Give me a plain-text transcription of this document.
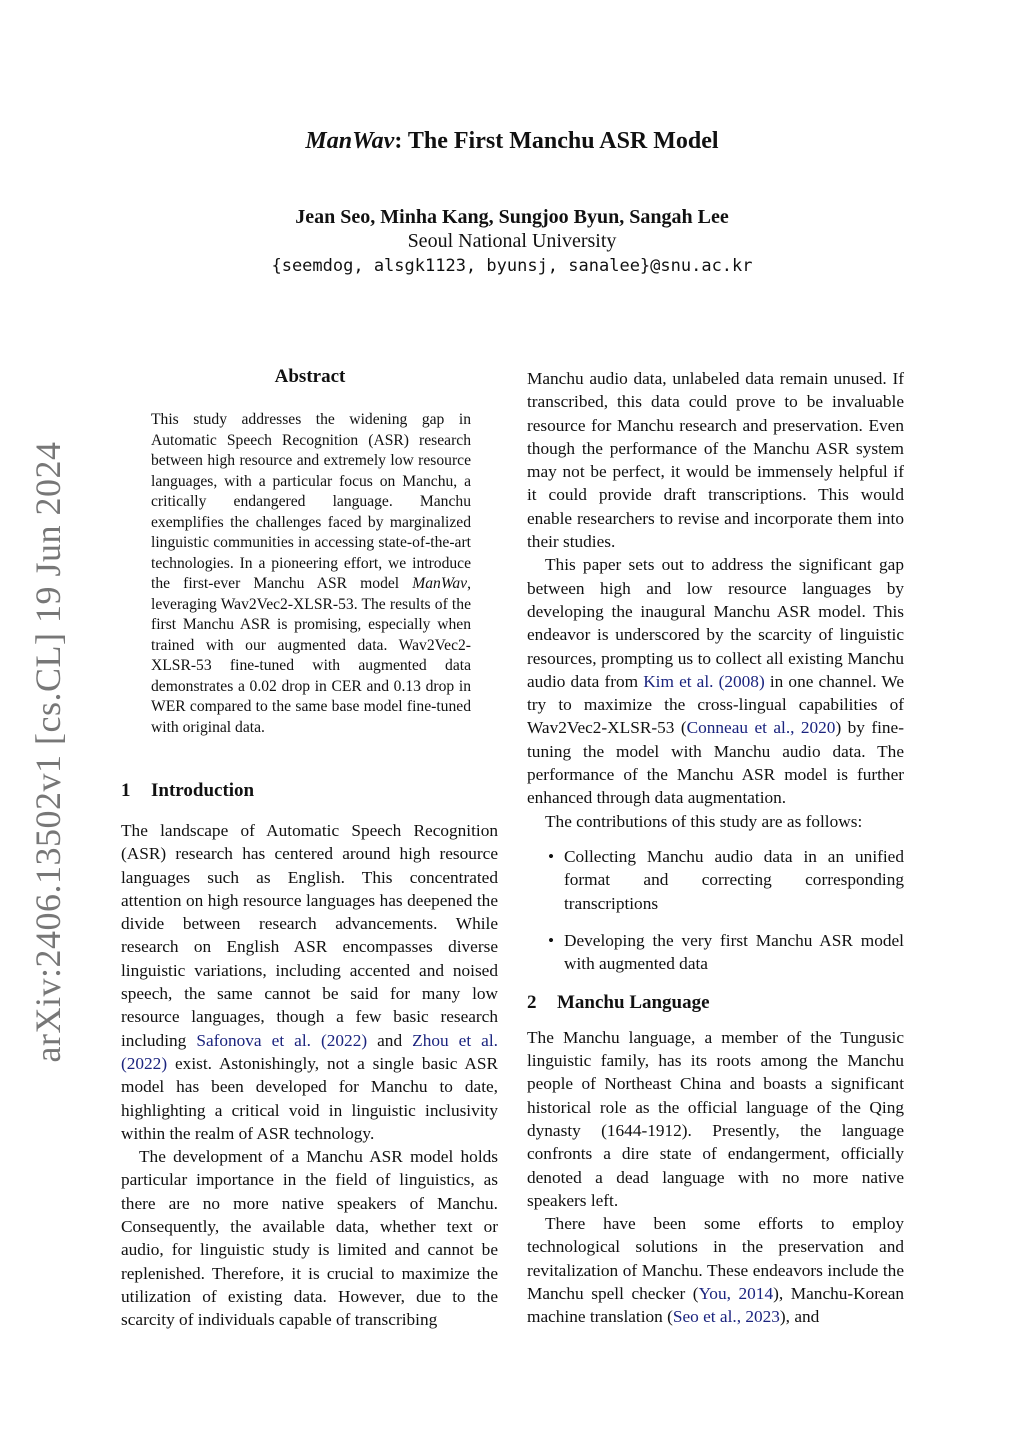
ManWav: The First Manchu ASR Model
Jean Seo, Minha Kang, Sungjoo Byun, Sangah Lee
Seoul National University
{seemdog, alsgk1123, byunsj, sanalee}@snu.ac.kr
arXiv:2406.13502v1 [cs.CL] 19 Jun 2024
Abstract
This study addresses the widening gap in Automatic Speech Recognition (ASR) research between high resource and extremely low resource languages, with a particular focus on Manchu, a critically endangered language. Manchu exemplifies the challenges faced by marginalized linguistic communities in accessing state-of-the-art technologies. In a pioneering effort, we introduce the first-ever Manchu ASR model ManWav, leveraging Wav2Vec2-XLSR-53. The results of the first Manchu ASR is promising, especially when trained with our augmented data. Wav2Vec2-XLSR-53 fine-tuned with augmented data demonstrates a 0.02 drop in CER and 0.13 drop in WER compared to the same base model fine-tuned with original data.
1 Introduction

The landscape of Automatic Speech Recognition (ASR) research has centered around high resource languages such as English. This concentrated attention on high resource languages has deepened the divide between research advancements. While research on English ASR encompasses diverse linguistic variations, including accented and noised speech, the same cannot be said for many low resource languages, though a few basic research including Safonova et al. (2022) and Zhou et al. (2022) exist. Astonishingly, not a single basic ASR model has been developed for Manchu to date, highlighting a critical void in linguistic inclusivity within the realm of ASR technology.

The development of a Manchu ASR model holds particular importance in the field of linguistics, as there are no more native speakers of Manchu. Consequently, the available data, whether text or audio, for linguistic study is limited and cannot be replenished. Therefore, it is crucial to maximize the utilization of existing data. However, due to the scarcity of individuals capable of transcribing

Manchu audio data, unlabeled data remain unused. If transcribed, this data could prove to be invaluable resource for Manchu research and preservation. Even though the performance of the Manchu ASR system may not be perfect, it would be immensely helpful if it could provide draft transcriptions. This would enable researchers to revise and incorporate them into their studies.

This paper sets out to address the significant gap between high and low resource languages by developing the inaugural Manchu ASR model. This endeavor is underscored by the scarcity of linguistic resources, prompting us to collect all existing Manchu audio data from Kim et al. (2008) in one channel. We try to maximize the cross-lingual capabilities of Wav2Vec2-XLSR-53 (Conneau et al., 2020) by fine-tuning the model with Manchu audio data. The performance of the Manchu ASR model is further enhanced through data augmentation.

The contributions of this study are as follows:

• Collecting Manchu audio data in an unified format and correcting corresponding transcriptions
• Developing the very first Manchu ASR model with augmented data
2 Manchu Language

The Manchu language, a member of the Tungusic linguistic family, has its roots among the Manchu people of Northeast China and boasts a significant historical role as the official language of the Qing dynasty (1644-1912). Presently, the language confronts a dire state of endangerment, officially denoted a dead language with no more native speakers left.

There have been some efforts to employ technological solutions in the preservation and revitalization of Manchu. These endeavors include the Manchu spell checker (You, 2014), Manchu-Korean machine translation (Seo et al., 2023), and
